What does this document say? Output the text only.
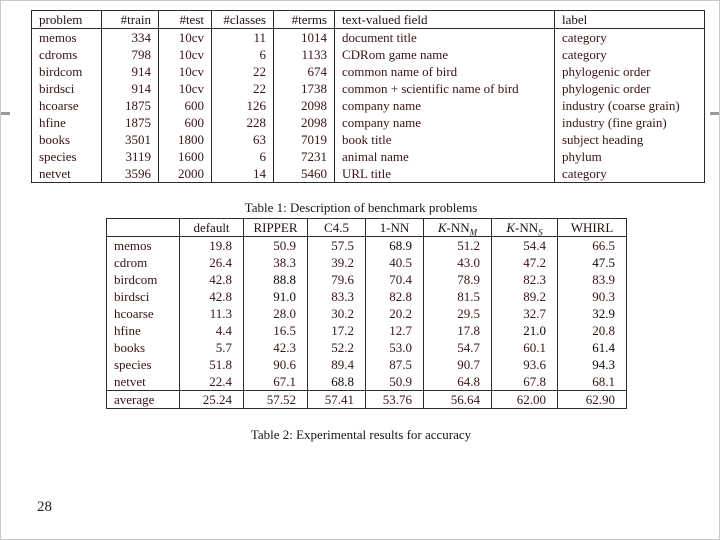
problem	#train	#test	#classes	#terms	text-valued field	label
memos	334	10cv	11	1014	document title	category
cdroms	798	10cv	6	1133	CDRom game name	category
birdcom	914	10cv	22	674	common name of bird	phylogenic order
birdsci	914	10cv	22	1738	common + scientific name of bird	phylogenic order
hcoarse	1875	600	126	2098	company name	industry (coarse grain)
hfine	1875	600	228	2098	company name	industry (fine grain)
books	3501	1800	63	7019	book title	subject heading
species	3119	1600	6	7231	animal name	phylum
netvet	3596	2000	14	5460	URL title	category
Table 1: Description of benchmark problems
	default	RIPPER	C4.5	1-NN	$K-NN_M$	$K-NN_S$	WHIRL
memos	19.8	50.9	57.5	68.9	51.2	54.4	66.5
cdrom	26.4	38.3	39.2	40.5	43.0	47.2	47.5
birdcom	42.8	88.8	79.6	70.4	78.9	82.3	83.9
birdsci	42.8	91.0	83.3	82.8	81.5	89.2	90.3
hcoarse	11.3	28.0	30.2	20.2	29.5	32.7	32.9
hfine	4.4	16.5	17.2	12.7	17.8	21.0	20.8
books	5.7	42.3	52.2	53.0	54.7	60.1	61.4
species	51.8	90.6	89.4	87.5	90.7	93.6	94.3
netvet	22.4	67.1	68.8	50.9	64.8	67.8	68.1
average	25.24	57.52	57.41	53.76	56.64	62.00	62.90
Table 2: Experimental results for accuracy
28
